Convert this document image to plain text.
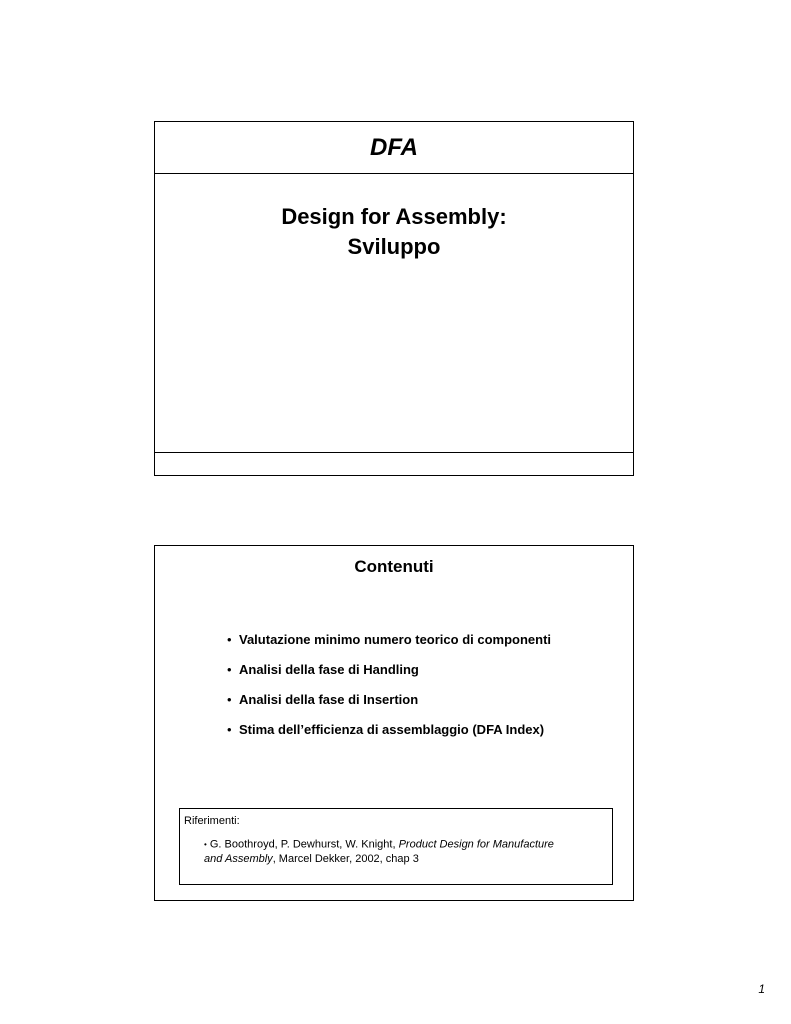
DFA
Design for Assembly:
Sviluppo
Contenuti
• Valutazione minimo numero teorico di componenti
• Analisi della fase di Handling
• Analisi della fase di Insertion
• Stima dell’efficienza di assemblaggio (DFA Index)
Riferimenti:
• G. Boothroyd, P. Dewhurst, W. Knight, Product Design for Manufacture
and Assembly, Marcel Dekker, 2002, chap 3
1
